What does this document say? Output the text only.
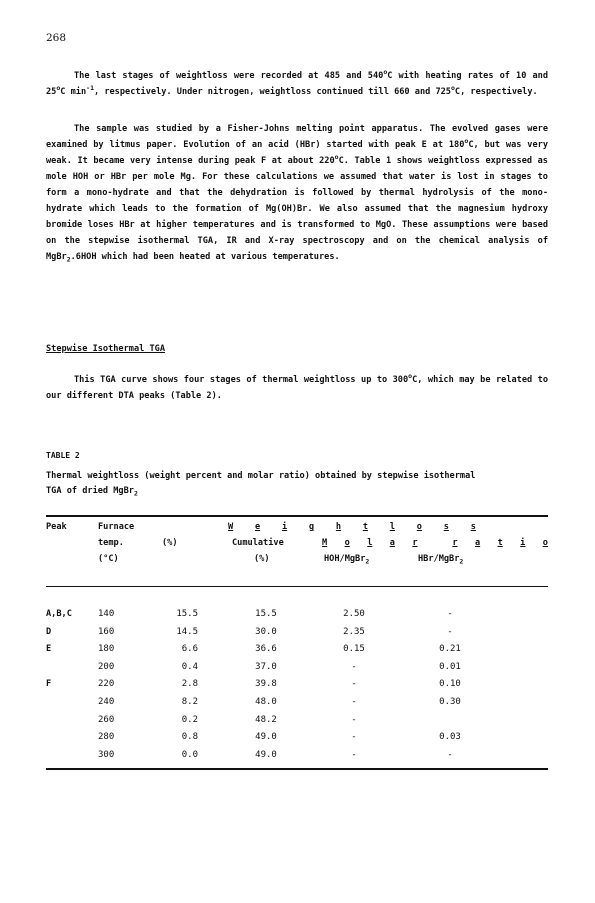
268

The last stages of weightloss were recorded at 485 and 540$^o$C with heating rates of 10 and 25$^o$C $\min^{-1}$, respectively. Under nitrogen, weightloss continued till 660 and 725$^o$C, respectively.

The sample was studied by a Fisher-Johns melting point apparatus. The evolved gases were examined by litmus paper. Evolution of an acid (HBr) started with peak E at 180$^o$C, but was very weak. It became very intense during peak F at about 220$^o$C. Table 1 shows weightloss expressed as mole HOH or HBr per mole Mg. For these calculations we assumed that water is lost in stages to form a mono-hydrate and that the dehydration is followed by thermal hydrolysis of the mono-hydrate which leads to the formation of Mg(OH)Br. We also assumed that the magnesium hydroxy bromide loses HBr at higher temperatures and is transformed to MgO. These assumptions were based on the stepwise isothermal TGA, IR and X-ray spectroscopy and on the chemical analysis of MgBr$_2$.6HOH which had been heated at various temperatures.

Stepwise Isothermal TGA

This TGA curve shows four stages of thermal weightloss up to 300$^o$C, which may be related to our different DTA peaks (Table 2).

TABLE 2

Thermal weightloss (weight percent and molar ratio) obtained by stepwise isothermal TGA of dried MgBr$_2$

Peak	Furnace
temp.
(°C)
W	e	i	g	h	t	l	o	s	s
(%)	Cumulative
(%)
M o l a r	r a t i o
HOH/MgBr$_2$	HBr/MgBr$_2$
A,B,C	140	15.5	15.5	2.50	-
D	160	14.5	30.0	2.35	-
E	180	6.6	36.6	0.15	0.21
200	0.4	37.0	-	0.01
F	220	2.8	39.8	-	0.10
240	8.2	48.0	-	0.30
260	0.2	48.2	-
280	0.8	49.0	-	0.03
300	0.0	49.0	-	-
